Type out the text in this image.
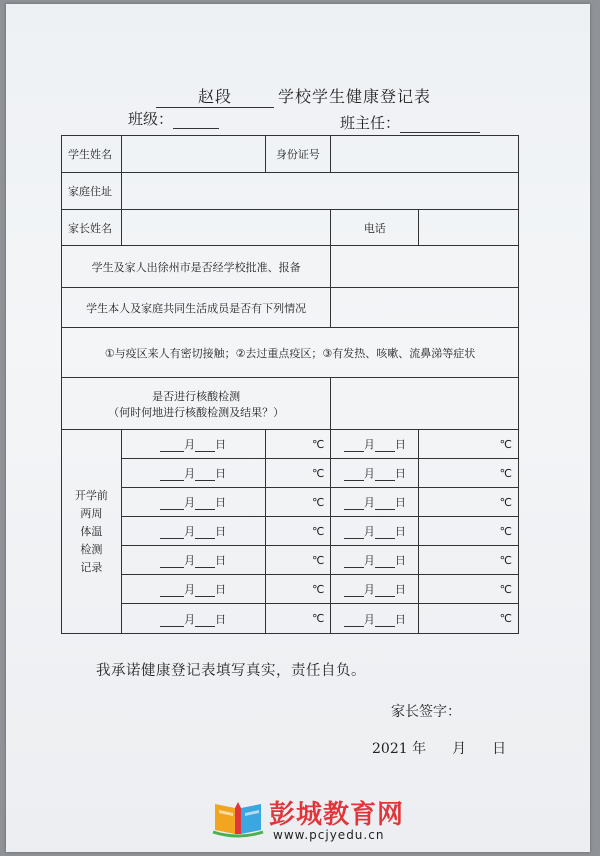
赵段	学校学生健康登记表
班级：	班主任：
学生姓名		身份证号		
家庭住址				
家长姓名			电话	
学生及家人出徐州市是否经学校批准、报备				
学生本人及家庭共同生活成员是否有下列情况				
①与疫区来人有密切接触；②去过重点疫区；③有发热、咳嗽、流鼻涕等症状				

是否进行核酸检测
（何时何地进行核酸检测及结果？）				

开学前
两周
体温
检测
记录	月 日	℃	月 日	℃
	月 日	℃	月 日	℃
	月 日	℃	月 日	℃
	月 日	℃	月 日	℃
	月 日	℃	月 日	℃
	月 日	℃	月 日	℃
	月 日	℃	月 日	℃
我承诺健康登记表填写真实，责任自负。
家长签字：
2021 年 月 日
彭城教育网
www.pcjyedu.cn
